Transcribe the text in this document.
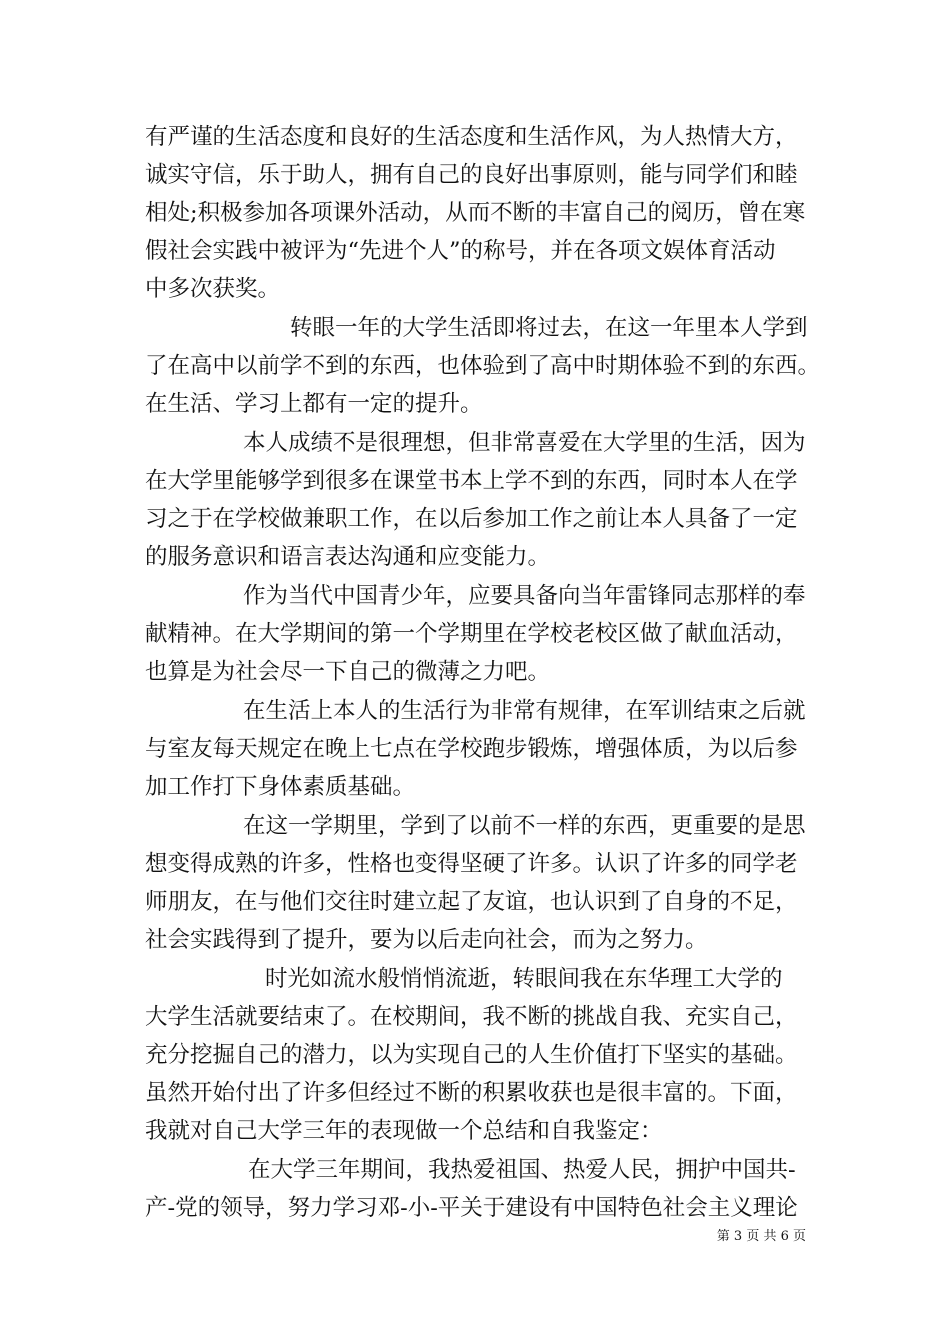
有严谨的生活态度和良好的生活态度和生活作风，为人热情大方，
诚实守信，乐于助人，拥有自己的良好出事原则，能与同学们和睦
相处;积极参加各项课外活动，从而不断的丰富自己的阅历，曾在寒
假社会实践中被评为“先进个人”的称号，并在各项文娱体育活动
中多次获奖。
转眼一年的大学生活即将过去，在这一年里本人学到
了在高中以前学不到的东西，也体验到了高中时期体验不到的东西。
在生活、学习上都有一定的提升。
本人成绩不是很理想，但非常喜爱在大学里的生活，因为
在大学里能够学到很多在课堂书本上学不到的东西，同时本人在学
习之于在学校做兼职工作，在以后参加工作之前让本人具备了一定
的服务意识和语言表达沟通和应变能力。
作为当代中国青少年，应要具备向当年雷锋同志那样的奉
献精神。在大学期间的第一个学期里在学校老校区做了献血活动，
也算是为社会尽一下自己的微薄之力吧。
在生活上本人的生活行为非常有规律，在军训结束之后就
与室友每天规定在晚上七点在学校跑步锻炼，增强体质，为以后参
加工作打下身体素质基础。
在这一学期里，学到了以前不一样的东西，更重要的是思
想变得成熟的许多，性格也变得坚硬了许多。认识了许多的同学老
师朋友，在与他们交往时建立起了友谊，也认识到了自身的不足，
社会实践得到了提升，要为以后走向社会，而为之努力。
时光如流水般悄悄流逝，转眼间我在东华理工大学的
大学生活就要结束了。在校期间，我不断的挑战自我、充实自己，
充分挖掘自己的潜力，以为实现自己的人生价值打下坚实的基础。
虽然开始付出了许多但经过不断的积累收获也是很丰富的。下面，
我就对自己大学三年的表现做一个总结和自我鉴定：
在大学三年期间，我热爱祖国、热爱人民，拥护中国共-
产-党的领导，努力学习邓-小-平关于建设有中国特色社会主义理论
第 3 页 共 6 页
